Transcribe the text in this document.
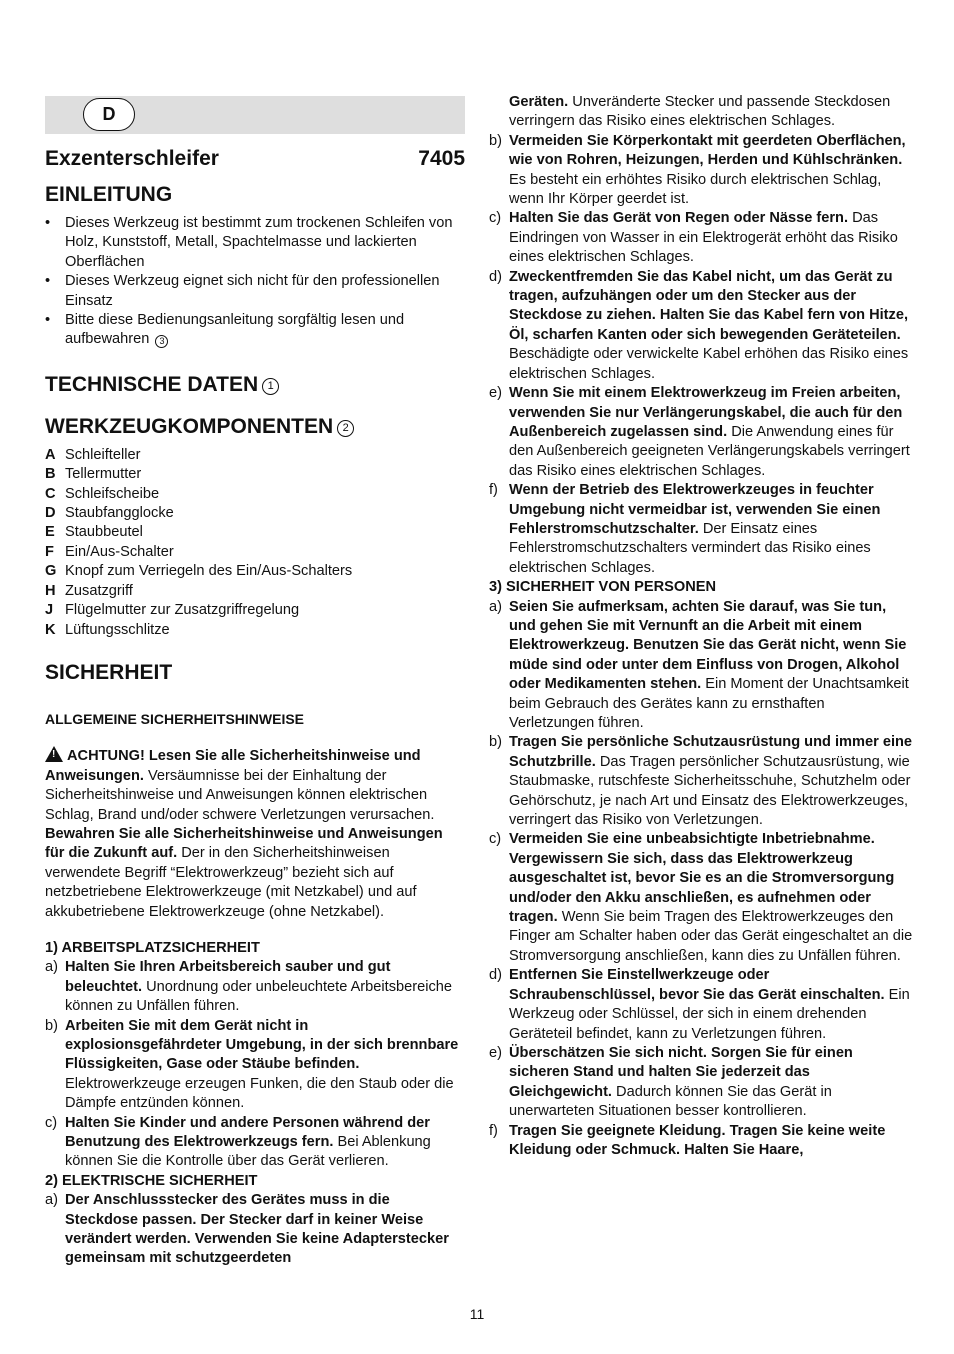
D
Exzenterschleifer	7405
EINLEITUNG
• Dieses Werkzeug ist bestimmt zum trockenen Schleifen von Holz, Kunststoff, Metall, Spachtelmasse und lackierten Oberflächen
• Dieses Werkzeug eignet sich nicht für den professionellen Einsatz
• Bitte diese Bedienungsanleitung sorgfältig lesen und aufbewahren 3
TECHNISCHE DATEN 1
WERKZEUGKOMPONENTEN 2
A Schleifteller
B Tellermutter
C Schleifscheibe
D Staubfangglocke
E Staubbeutel
F Ein/Aus-Schalter
G Knopf zum Verriegeln des Ein/Aus-Schalters
H Zusatzgriff
J Flügelmutter zur Zusatzgriffregelung
K Lüftungsschlitze
SICHERHEIT
ALLGEMEINE SICHERHEITSHINWEISE
! ACHTUNG! Lesen Sie alle Sicherheitshinweise und Anweisungen. Versäumnisse bei der Einhaltung der Sicherheitshinweise und Anweisungen können elektrischen Schlag, Brand und/oder schwere Verletzungen verursachen. Bewahren Sie alle Sicherheitshinweise und Anweisungen für die Zukunft auf. Der in den Sicherheitshinweisen verwendete Begriff “Elektrowerkzeug” bezieht sich auf netzbetriebene Elektrowerkzeuge (mit Netzkabel) und auf akkubetriebene Elektrowerkzeuge (ohne Netzkabel).
1) ARBEITSPLATZSICHERHEIT
a) Halten Sie Ihren Arbeitsbereich sauber und gut beleuchtet. Unordnung oder unbeleuchtete Arbeitsbereiche können zu Unfällen führen.
b) Arbeiten Sie mit dem Gerät nicht in explosionsgefährdeter Umgebung, in der sich brennbare Flüssigkeiten, Gase oder Stäube befinden. Elektrowerkzeuge erzeugen Funken, die den Staub oder die Dämpfe entzünden können.
c) Halten Sie Kinder und andere Personen während der Benutzung des Elektrowerkzeugs fern. Bei Ablenkung können Sie die Kontrolle über das Gerät verlieren.
2) ELEKTRISCHE SICHERHEIT
a) Der Anschlussstecker des Gerätes muss in die Steckdose passen. Der Stecker darf in keiner Weise verändert werden. Verwenden Sie keine Adapterstecker gemeinsam mit schutzgeerdeten
Geräten. Unveränderte Stecker und passende Steckdosen verringern das Risiko eines elektrischen Schlages.
b) Vermeiden Sie Körperkontakt mit geerdeten Oberflächen, wie von Rohren, Heizungen, Herden und Kühlschränken. Es besteht ein erhöhtes Risiko durch elektrischen Schlag, wenn Ihr Körper geerdet ist.
c) Halten Sie das Gerät von Regen oder Nässe fern. Das Eindringen von Wasser in ein Elektrogerät erhöht das Risiko eines elektrischen Schlages.
d) Zweckentfremden Sie das Kabel nicht, um das Gerät zu tragen, aufzuhängen oder um den Stecker aus der Steckdose zu ziehen. Halten Sie das Kabel fern von Hitze, Öl, scharfen Kanten oder sich bewegenden Geräteteilen. Beschädigte oder verwickelte Kabel erhöhen das Risiko eines elektrischen Schlages.
e) Wenn Sie mit einem Elektrowerkzeug im Freien arbeiten, verwenden Sie nur Verlängerungskabel, die auch für den Außenbereich zugelassen sind. Die Anwendung eines für den Außenbereich geeigneten Verlängerungskabels verringert das Risiko eines elektrischen Schlages.
f) Wenn der Betrieb des Elektrowerkzeuges in feuchter Umgebung nicht vermeidbar ist, verwenden Sie einen Fehlerstromschutzschalter. Der Einsatz eines Fehlerstromschutzschalters vermindert das Risiko eines elektrischen Schlages.
3) SICHERHEIT VON PERSONEN
a) Seien Sie aufmerksam, achten Sie darauf, was Sie tun, und gehen Sie mit Vernunft an die Arbeit mit einem Elektrowerkzeug. Benutzen Sie das Gerät nicht, wenn Sie müde sind oder unter dem Einfluss von Drogen, Alkohol oder Medikamenten stehen. Ein Moment der Unachtsamkeit beim Gebrauch des Gerätes kann zu ernsthaften Verletzungen führen.
b) Tragen Sie persönliche Schutzausrüstung und immer eine Schutzbrille. Das Tragen persönlicher Schutzausrüstung, wie Staubmaske, rutschfeste Sicherheitsschuhe, Schutzhelm oder Gehörschutz, je nach Art und Einsatz des Elektrowerkzeuges, verringert das Risiko von Verletzungen.
c) Vermeiden Sie eine unbeabsichtigte Inbetriebnahme. Vergewissern Sie sich, dass das Elektrowerkzeug ausgeschaltet ist, bevor Sie es an die Stromversorgung und/oder den Akku anschließen, es aufnehmen oder tragen. Wenn Sie beim Tragen des Elektrowerkzeuges den Finger am Schalter haben oder das Gerät eingeschaltet an die Stromversorgung anschließen, kann dies zu Unfällen führen.
d) Entfernen Sie Einstellwerkzeuge oder Schraubenschlüssel, bevor Sie das Gerät einschalten. Ein Werkzeug oder Schlüssel, der sich in einem drehenden Geräteteil befindet, kann zu Verletzungen führen.
e) Überschätzen Sie sich nicht. Sorgen Sie für einen sicheren Stand und halten Sie jederzeit das Gleichgewicht. Dadurch können Sie das Gerät in unerwarteten Situationen besser kontrollieren.
f) Tragen Sie geeignete Kleidung. Tragen Sie keine weite Kleidung oder Schmuck. Halten Sie Haare,
11
